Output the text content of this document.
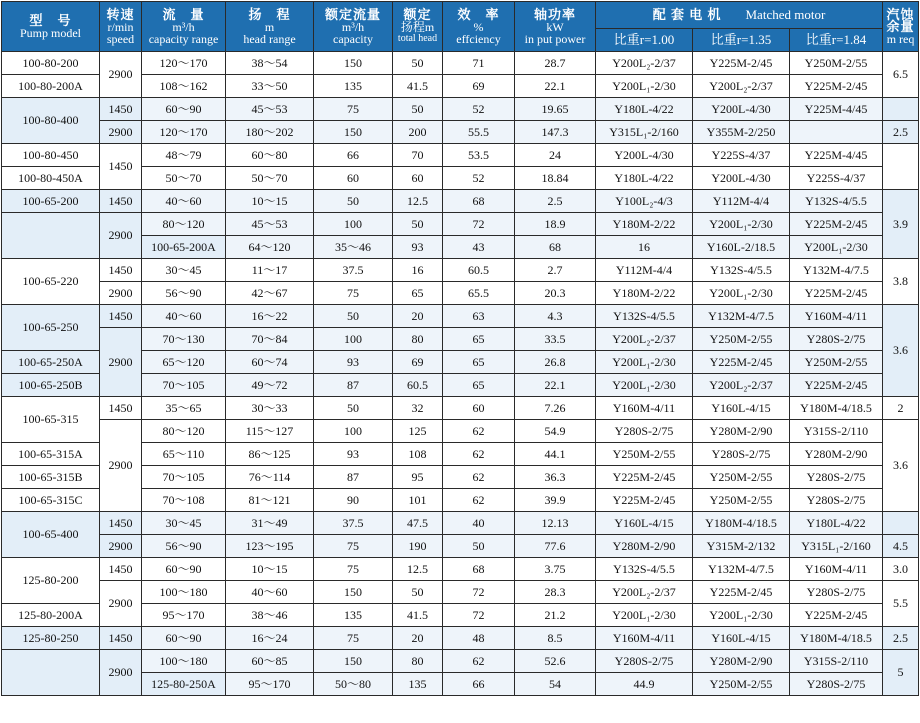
型　号
Pump model	转速
r/min
speed	流　量
m³/h
capacity range	扬　程
m
head range	额定流量
m³/h
capacity	额定
扬程m
total head	效　率
%
effciency	轴功率
kW
in put power	配 套 电 机 Matched motor			汽蚀
余量
m req	

								比重r=1.00	比重r=1.35	比重r=1.84		
100-80-200	2900	120～170	38～54	150	50	71	28.7	Y200L₂-2/37	Y225M-2/45	Y250M-2/55	6.5	
100-80-200A		108～162	33～50	135	41.5	69	22.1	Y200L₁-2/30	Y200L₂-2/37	Y225M-2/45		
100-80-400	1450	60～90	45～53	75	50	52	19.65	Y180L-4/22	Y200L-4/30	Y225M-4/45		
	2900	120～170	180～202	150	200	55.5	147.3	Y315L₁-2/160	Y355M-2/250		2.5	
100-80-450	1450	48～79	60～80	66	70	53.5	24	Y200L-4/30	Y225S-4/37	Y225M-4/45		
100-80-450A		50～70	50～70	60	60	52	18.84	Y180L-4/22	Y200L-4/30	Y225S-4/37		
100-65-200	1450	40～60	10～15	50	12.5	68	2.5	Y100L₂-4/3	Y112M-4/4	Y132S-4/5.5	3.9	
	2900	80～120	45～53	100	50	72	18.9	Y180M-2/22	Y200L₁-2/30	Y225M-2/45		
		100-65-200A	64～120	35～46	93	43	68	16	Y160L-2/18.5	Y200L₁-2/30	
100-65-220	1450	30～45	11～17	37.5	16	60.5	2.7	Y112M-4/4	Y132S-4/5.5	Y132M-4/7.5	3.8	
	2900	56～90	42～67	75	65	65.5	20.3	Y180M-2/22	Y200L₁-2/30	Y225M-2/45		
100-65-250	1450	40～60	16～22	50	20	63	4.3	Y132S-4/5.5	Y132M-4/7.5	Y160M-4/11	3.6	
	2900	70～130	70～84	100	80	65	33.5	Y200L₂-2/37	Y250M-2/55	Y280S-2/75		
100-65-250A		65～120	60～74	93	69	65	26.8	Y200L₁-2/30	Y225M-2/45	Y250M-2/55		
100-65-250B		70～105	49～72	87	60.5	65	22.1	Y200L₁-2/30	Y200L₂-2/37	Y225M-2/45		
100-65-315	1450	35～65	30～33	50	32	60	7.26	Y160M-4/11	Y160L-4/15	Y180M-4/18.5	2	
	2900	80～120	115～127	100	125	62	54.9	Y280S-2/75	Y280M-2/90	Y315S-2/110	3.6	
100-65-315A		65～110	86～125	93	108	62	44.1	Y250M-2/55	Y280S-2/75	Y280M-2/90		
100-65-315B		70～105	76～114	87	95	62	36.3	Y225M-2/45	Y250M-2/55	Y280S-2/75		
100-65-315C		70～108	81～121	90	101	62	39.9	Y225M-2/45	Y250M-2/55	Y280S-2/75		
100-65-400	1450	30～45	31～49	37.5	47.5	40	12.13	Y160L-4/15	Y180M-4/18.5	Y180L-4/22		
	2900	56～90	123～195	75	190	50	77.6	Y280M-2/90	Y315M-2/132	Y315L₁-2/160	4.5	
125-80-200	1450	60～90	10～15	75	12.5	68	3.75	Y132S-4/5.5	Y132M-4/7.5	Y160M-4/11	3.0	
	2900	100～180	40～60	150	50	72	28.3	Y200L₂-2/37	Y225M-2/45	Y280S-2/75	5.5	
125-80-200A		95～170	38～46	135	41.5	72	21.2	Y200L₁-2/30	Y200L₁-2/30	Y225M-2/45		
125-80-250	1450	60～90	16～24	75	20	48	8.5	Y160M-4/11	Y160L-4/15	Y180M-4/18.5	2.5	
	2900	100～180	60～85	150	80	62	52.6	Y280S-2/75	Y280M-2/90	Y315S-2/110	5	
		125-80-250A	95～170	50～80	135	66	54	44.9	Y250M-2/55	Y280S-2/75	
